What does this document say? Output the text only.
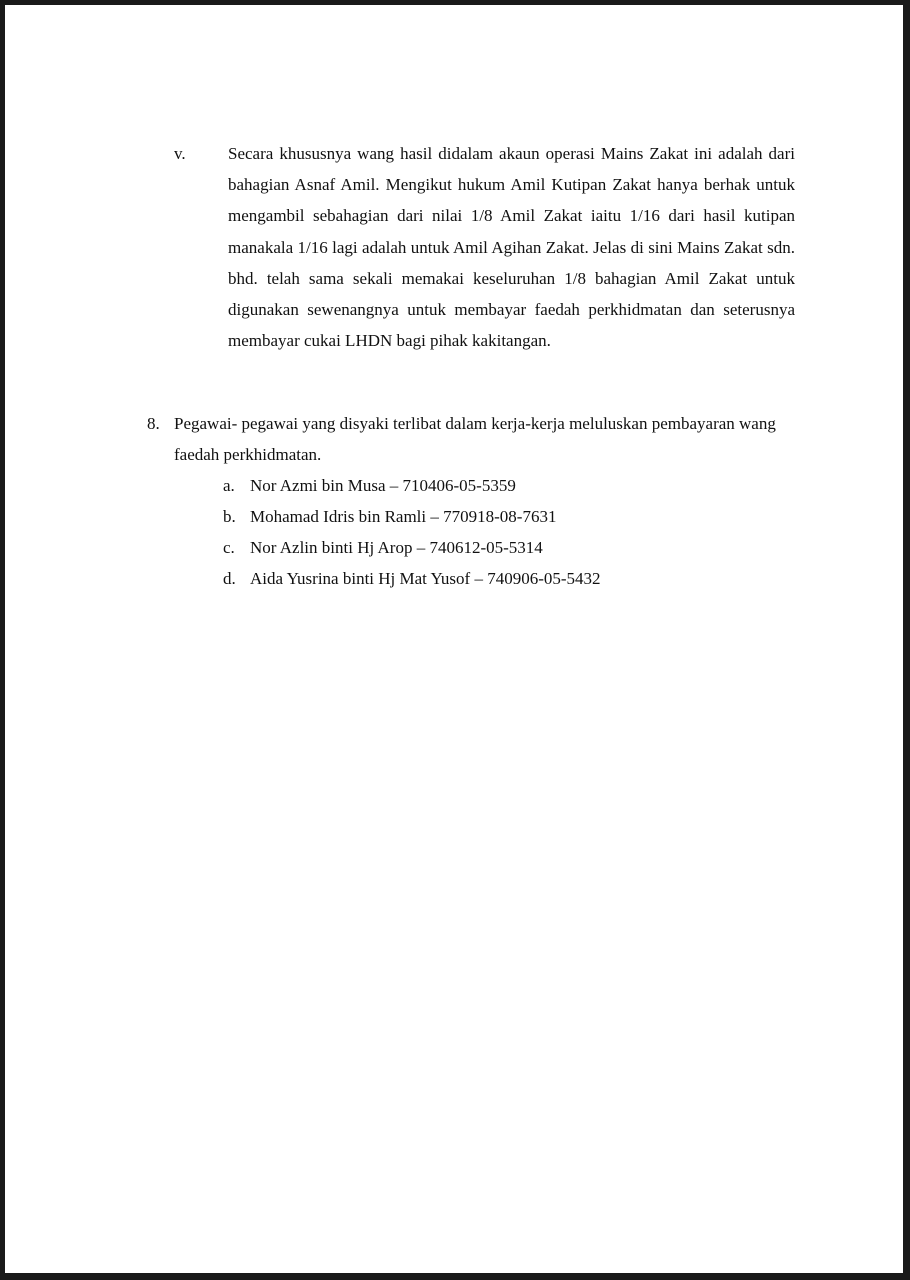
v. Secara khususnya wang hasil didalam akaun operasi Mains Zakat ini adalah dari bahagian Asnaf Amil. Mengikut hukum Amil Kutipan Zakat hanya berhak untuk mengambil sebahagian dari nilai 1/8 Amil Zakat iaitu 1/16 dari hasil kutipan manakala 1/16 lagi adalah untuk Amil Agihan Zakat. Jelas di sini Mains Zakat sdn. bhd. telah sama sekali memakai keseluruhan 1/8 bahagian Amil Zakat untuk digunakan sewenangnya untuk membayar faedah perkhidmatan dan seterusnya membayar cukai LHDN bagi pihak kakitangan.

8. Pegawai- pegawai yang disyaki terlibat dalam kerja-kerja meluluskan pembayaran wang faedah perkhidmatan.

a. Nor Azmi bin Musa – 710406-05-5359
b. Mohamad Idris bin Ramli – 770918-08-7631
c. Nor Azlin binti Hj Arop – 740612-05-5314
d. Aida Yusrina binti Hj Mat Yusof – 740906-05-5432
